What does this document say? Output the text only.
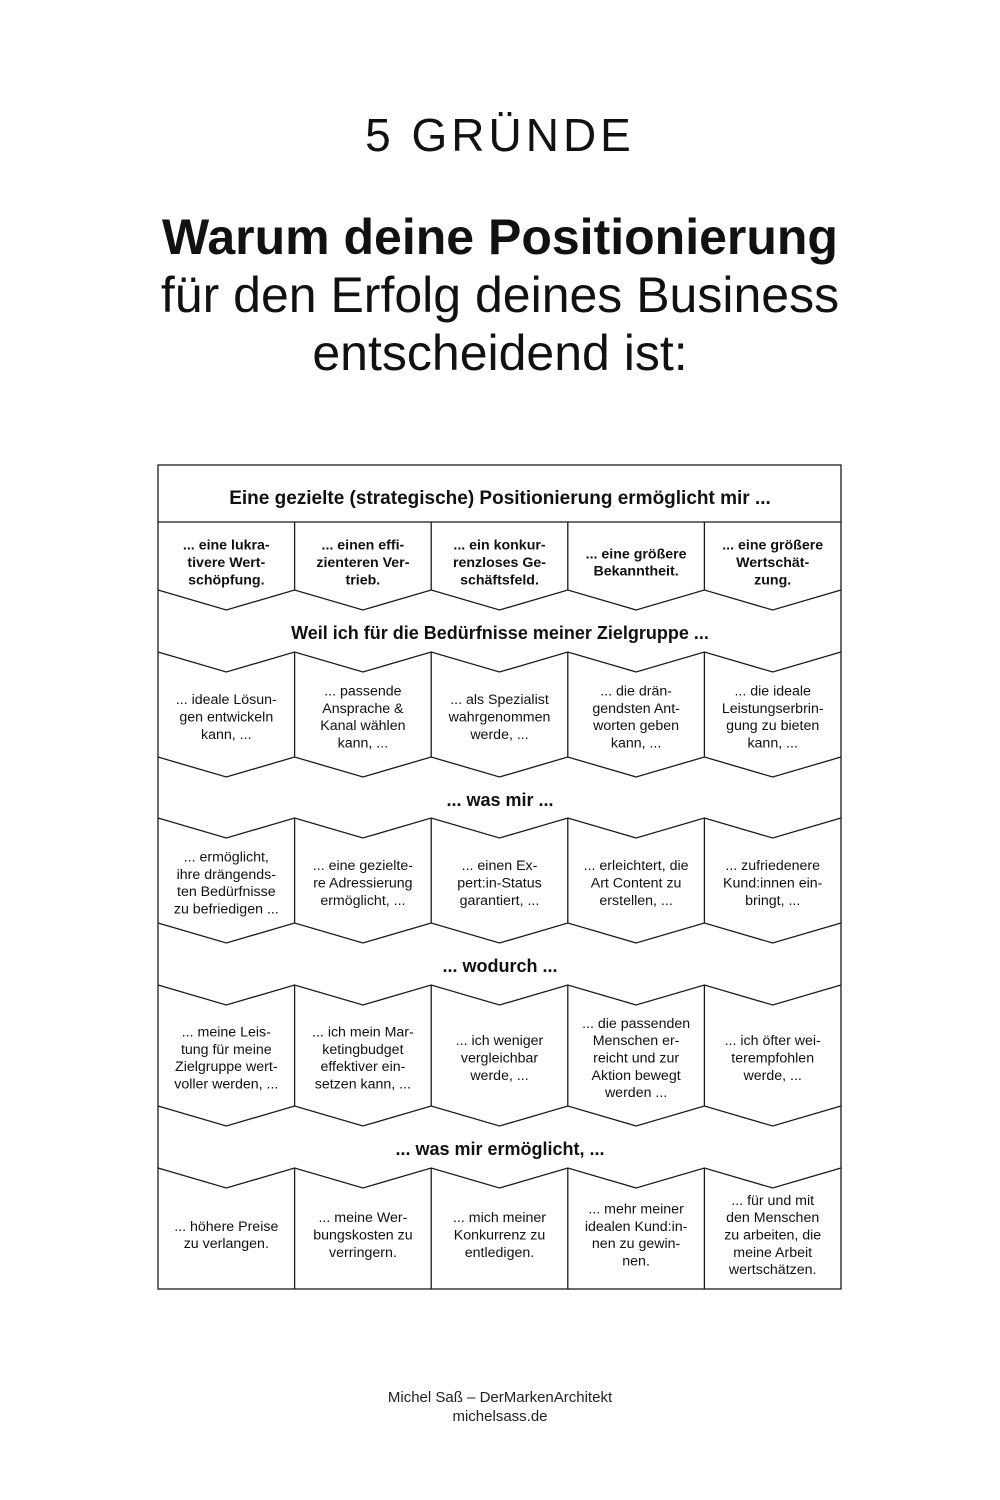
5 GRÜNDE
Warum deine Positionierung
für den Erfolg deines Business
entscheidend ist:
Eine gezielte (strategische) Positionierung ermöglicht mir ...
... eine lukra-tivere Wert-schöpfung.
... einen effi-zienteren Ver-trieb.
... ein konkur-renzloses Ge-schäftsfeld.
... eine größere Bekanntheit.
... eine größere Wertschät-zung.
Weil ich für die Bedürfnisse meiner Zielgruppe ...
... ideale Lösun-gen entwickeln kann, ...
... passende Ansprache & Kanal wählen kann, ...
... als Spezialist wahrgenommen werde, ...
... die drän-gendsten Ant-worten geben kann, ...
... die ideale Leistungserbrin-gung zu bieten kann, ...
... was mir ...
... ermöglicht, ihre drängends-ten Bedürfnisse zu befriedigen ...
... eine gezielte-re Adressierung ermöglicht, ...
... einen Ex-pert:in-Status garantiert, ...
... erleichtert, die Art Content zu erstellen, ...
... zufriedenere Kund:innen ein-bringt, ...
... wodurch ...
... meine Leis-tung für meine Zielgruppe wert-voller werden, ...
... ich mein Mar-ketingbudget effektiver ein-setzen kann, ...
... ich weniger vergleichbar werde, ...
... die passenden Menschen er-reicht und zur Aktion bewegt werden ...
... ich öfter wei-terempfohlen werde, ...
... was mir ermöglicht, ...
... höhere Preise zu verlangen.
... meine Wer-bungskosten zu verringern.
... mich meiner Konkurrenz zu entledigen.
... mehr meiner idealen Kund:in-nen zu gewin-nen.
... für und mit den Menschen zu arbeiten, die meine Arbeit wertschätzen.
Michel Saß – DerMarkenArchitekt
michelsass.de
